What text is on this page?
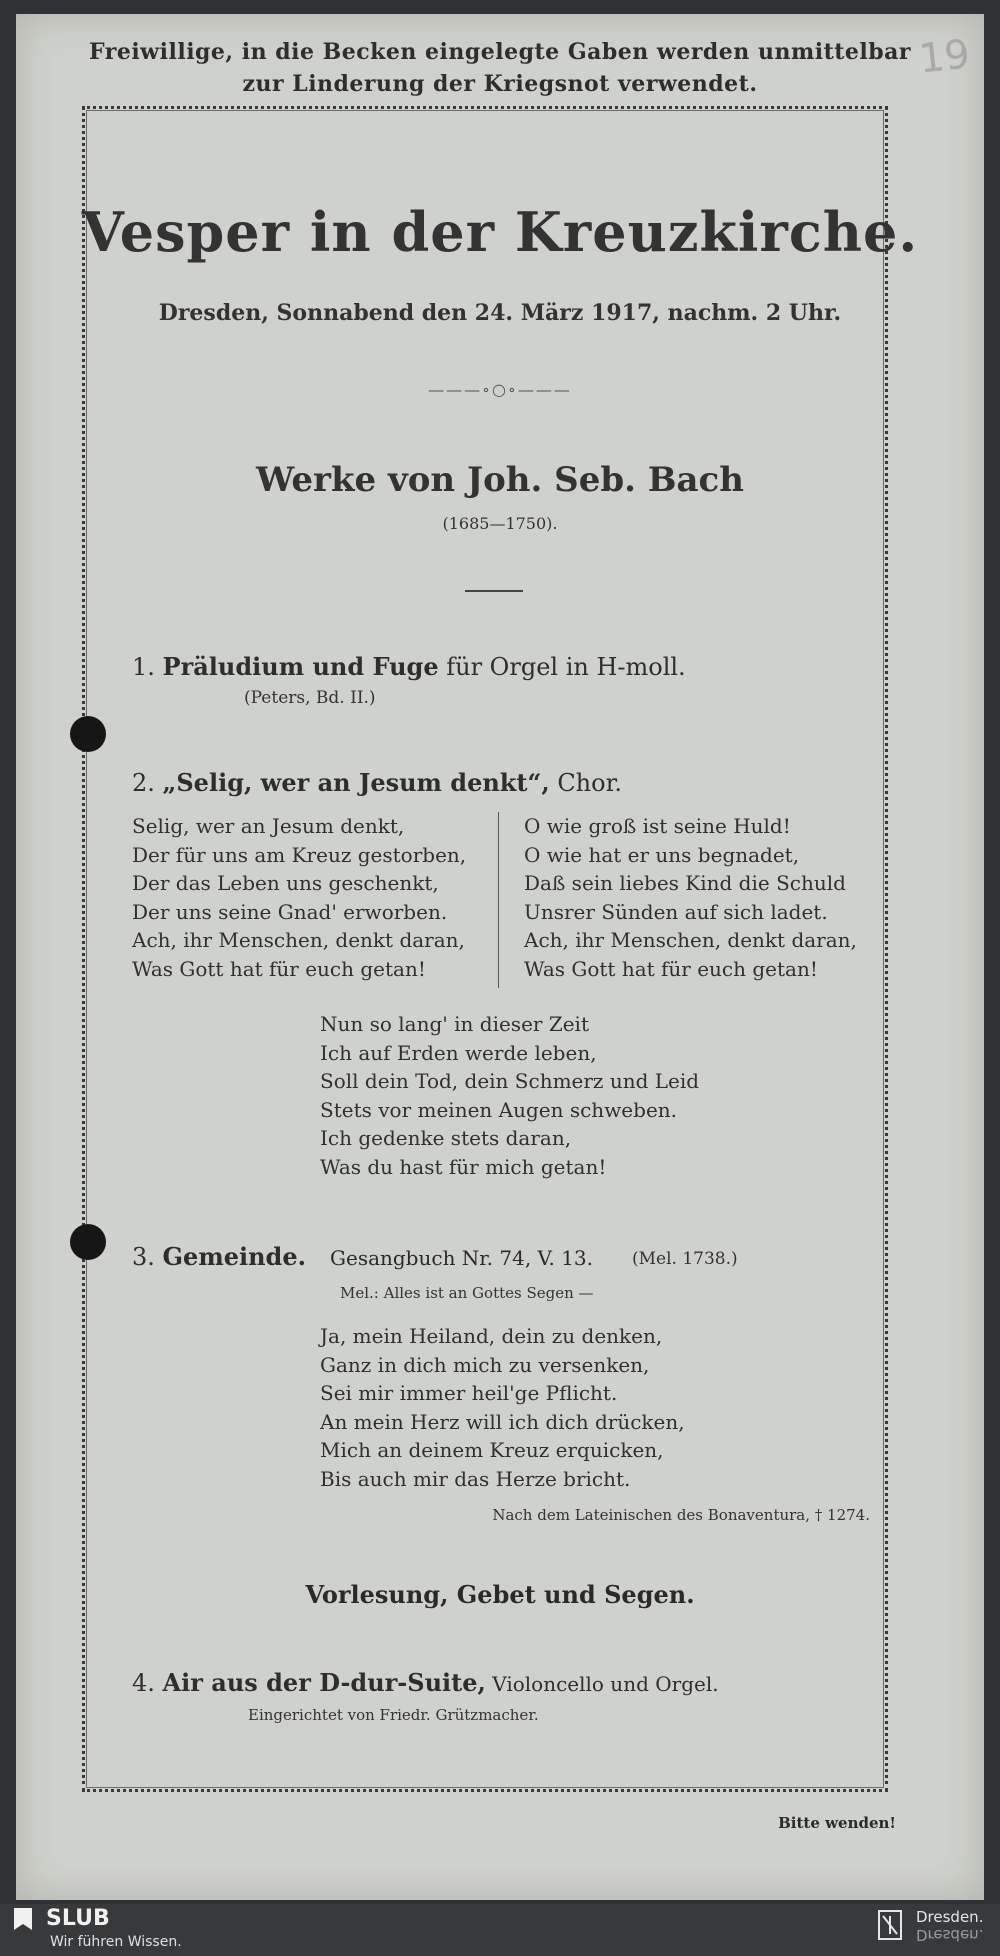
Freiwillige, in die Becken eingelegte Gaben werden unmittelbar
zur Linderung der Kriegsnot verwendet.
19
Vesper in der Kreuzkirche.
Dresden, Sonnabend den 24. März 1917, nachm. 2 Uhr.
———∘○∘———
Werke von Joh. Seb. Bach
(1685—1750).
1. Präludium und Fuge für Orgel in H-moll.
(Peters, Bd. II.)
2. „Selig, wer an Jesum denkt“, Chor.
Selig, wer an Jesum denkt,
Der für uns am Kreuz gestorben,
Der das Leben uns geschenkt,
Der uns seine Gnad' erworben.
Ach, ihr Menschen, denkt daran,
Was Gott hat für euch getan!
O wie groß ist seine Huld!
O wie hat er uns begnadet,
Daß sein liebes Kind die Schuld
Unsrer Sünden auf sich ladet.
Ach, ihr Menschen, denkt daran,
Was Gott hat für euch getan!
Nun so lang' in dieser Zeit
Ich auf Erden werde leben,
Soll dein Tod, dein Schmerz und Leid
Stets vor meinen Augen schweben.
Ich gedenke stets daran,
Was du hast für mich getan!
3. Gemeinde. Gesangbuch Nr. 74, V. 13. (Mel. 1738.)
Mel.: Alles ist an Gottes Segen —
Ja, mein Heiland, dein zu denken,
Ganz in dich mich zu versenken,
Sei mir immer heil'ge Pflicht.
An mein Herz will ich dich drücken,
Mich an deinem Kreuz erquicken,
Bis auch mir das Herze bricht.
Nach dem Lateinischen des Bonaventura, † 1274.
Vorlesung, Gebet und Segen.
4. Air aus der D-dur-Suite, Violoncello und Orgel.
Eingerichtet von Friedr. Grützmacher.
Bitte wenden!
SLUB
Wir führen Wissen.
Dresden.
Dresden.
